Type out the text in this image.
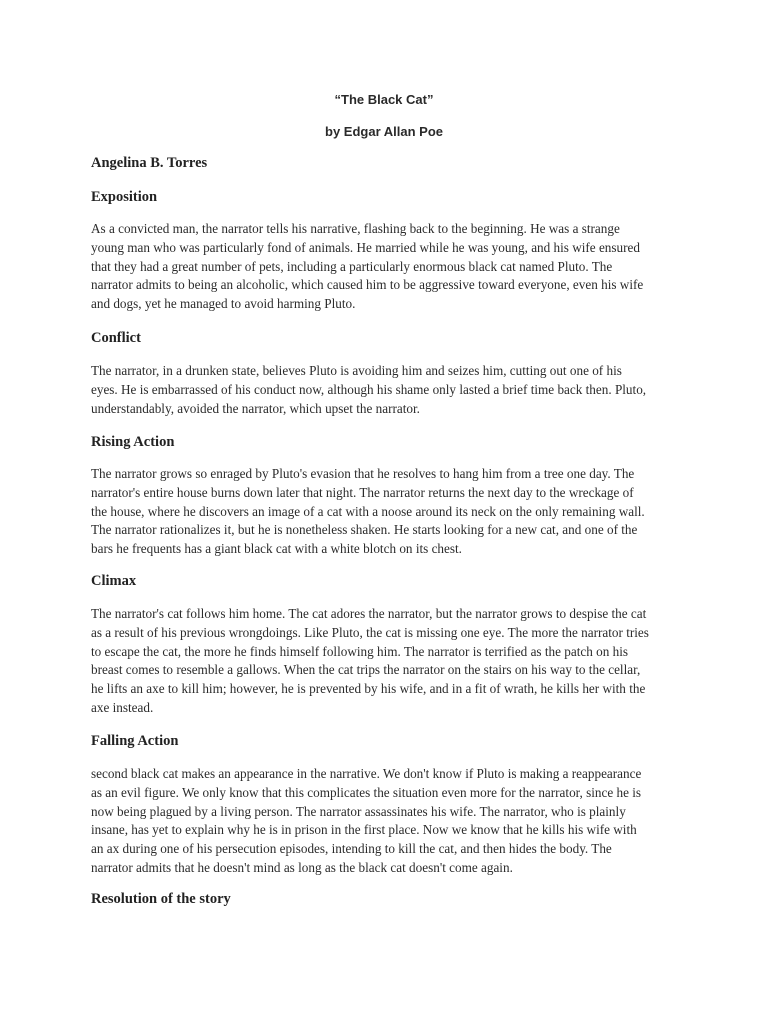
“The Black Cat”
by Edgar Allan Poe
Angelina B. Torres
Exposition
As a convicted man, the narrator tells his narrative, flashing back to the beginning. He was a strange
young man who was particularly fond of animals. He married while he was young, and his wife ensured
that they had a great number of pets, including a particularly enormous black cat named Pluto. The
narrator admits to being an alcoholic, which caused him to be aggressive toward everyone, even his wife
and dogs, yet he managed to avoid harming Pluto.
Conflict
The narrator, in a drunken state, believes Pluto is avoiding him and seizes him, cutting out one of his
eyes. He is embarrassed of his conduct now, although his shame only lasted a brief time back then. Pluto,
understandably, avoided the narrator, which upset the narrator.
Rising Action
The narrator grows so enraged by Pluto's evasion that he resolves to hang him from a tree one day. The
narrator's entire house burns down later that night. The narrator returns the next day to the wreckage of
the house, where he discovers an image of a cat with a noose around its neck on the only remaining wall.
The narrator rationalizes it, but he is nonetheless shaken. He starts looking for a new cat, and one of the
bars he frequents has a giant black cat with a white blotch on its chest.
Climax
The narrator's cat follows him home. The cat adores the narrator, but the narrator grows to despise the cat
as a result of his previous wrongdoings. Like Pluto, the cat is missing one eye. The more the narrator tries
to escape the cat, the more he finds himself following him. The narrator is terrified as the patch on his
breast comes to resemble a gallows. When the cat trips the narrator on the stairs on his way to the cellar,
he lifts an axe to kill him; however, he is prevented by his wife, and in a fit of wrath, he kills her with the
axe instead.
Falling Action
second black cat makes an appearance in the narrative. We don't know if Pluto is making a reappearance
as an evil figure. We only know that this complicates the situation even more for the narrator, since he is
now being plagued by a living person. The narrator assassinates his wife. The narrator, who is plainly
insane, has yet to explain why he is in prison in the first place. Now we know that he kills his wife with
an ax during one of his persecution episodes, intending to kill the cat, and then hides the body. The
narrator admits that he doesn't mind as long as the black cat doesn't come again.
Resolution of the story
